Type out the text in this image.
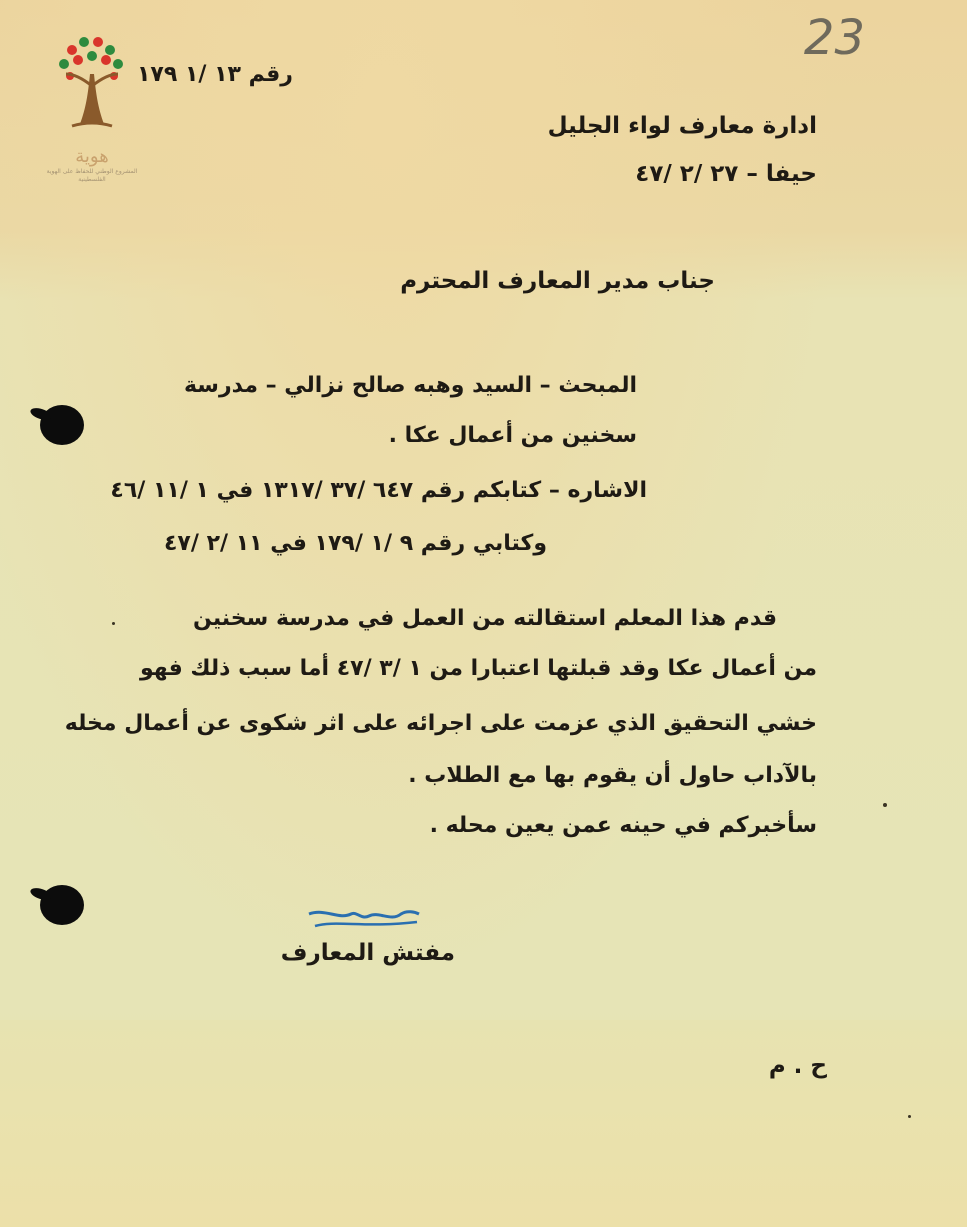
هوية
المشروع الوطني للحفاظ على الهوية الفلسطينية
23
رقم ١٣ /١ ١٧٩
ادارة معارف لواء الجليل
حيفا – ٢٧ /٢ /٤٧
جناب مدير المعارف المحترم
المبحث – السيد وهبه صالح نزالي – مدرسة
سخنين من أعمال عكا .
الاشاره – كتابكم رقم ٦٤٧ /٣٧ /١٣١٧ في ١ /١١ /٤٦
وكتابي رقم ٩ /١ /١٧٩ في ١١ /٢ /٤٧
قدم هذا المعلم استقالته من العمل في مدرسة سخنين
من أعمال عكا وقد قبلتها اعتبارا من ١ /٣ /٤٧ أما سبب ذلك فهو
خشي التحقيق الذي عزمت على اجرائه على اثر شكوى عن أعمال مخله
بالآداب حاول أن يقوم بها مع الطلاب .
سأخبركم في حينه عمن يعين محله .
مفتش المعارف
ح . م
